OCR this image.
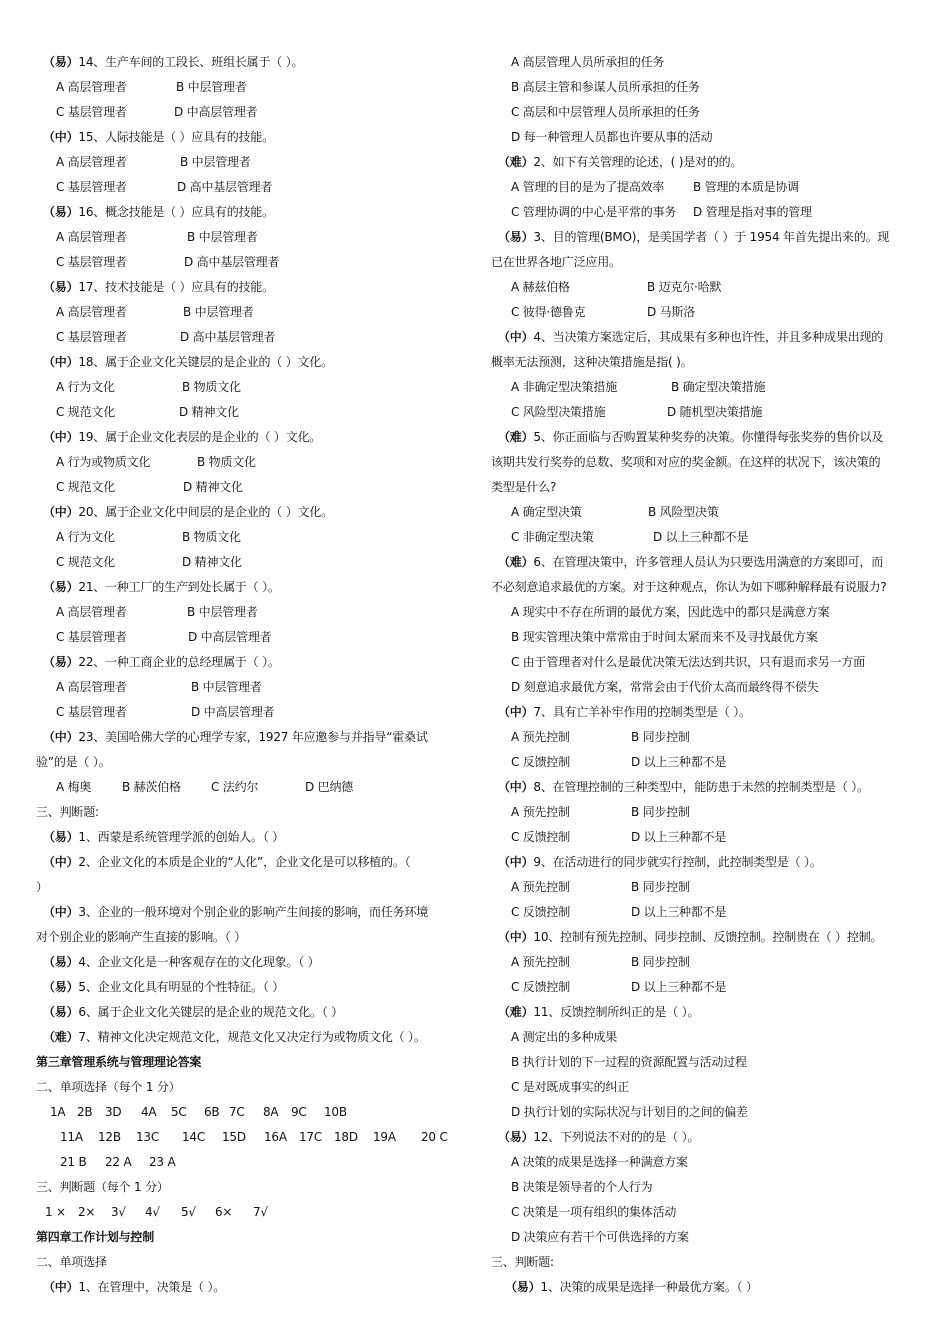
（易）14、生产车间的工段长、班组长属于（ ）。
A 高层管理者	B 中层管理者
C 基层管理者	D 中高层管理者
（中）15、人际技能是（ ）应具有的技能。
A 高层管理者	B 中层管理者
C 基层管理者	D 高中基层管理者
（易）16、概念技能是（ ）应具有的技能。
A 高层管理者	B 中层管理者
C 基层管理者	D 高中基层管理者
（易）17、技术技能是（ ）应具有的技能。
A 高层管理者	B 中层管理者
C 基层管理者	D 高中基层管理者
（中）18、属于企业文化关键层的是企业的（ ）文化。
A 行为文化	B 物质文化
C 规范文化	D 精神文化
（中）19、属于企业文化表层的是企业的（ ）文化。
A 行为或物质文化	B 物质文化
C 规范文化	D 精神文化
（中）20、属于企业文化中间层的是企业的（ ）文化。
A 行为文化	B 物质文化
C 规范文化	D 精神文化
（易）21、一种工厂的生产到处长属于（ ）。
A 高层管理者	B 中层管理者
C 基层管理者	D 中高层管理者
（易）22、一种工商企业的总经理属于（ ）。
A 高层管理者	B 中层管理者
C 基层管理者	D 中高层管理者
（中）23、美国哈佛大学的心理学专家，1927 年应邀参与并指导“霍桑试
验”的是（ ）。
A 梅奥	B 赫茨伯格	C 法约尔	D 巴纳德
三、判断题:
（易）1、西蒙是系统管理学派的创始人。（ ）
（中）2、企业文化的本质是企业的“人化”，企业文化是可以移植的。（
）
（中）3、企业的一般环境对个别企业的影响产生间接的影响，而任务环境
对个别企业的影响产生直接的影响。（ ）
（易）4、企业文化是一种客观存在的文化现象。（ ）
（易）5、企业文化具有明显的个性特征。（ ）
（易）6、属于企业文化关键层的是企业的规范文化。（ ）
（难）7、精神文化决定规范文化，规范文化又决定行为或物质文化（ ）。
第三章管理系统与管理理论答案
二、单项选择（每个 1 分）
1A 2B 3D 4A 5C 6B 7C 8A 9C 10B
11A 12B 13C 14C 15D 16A 17C 18D 19A 20 C
21 B 22 A 23 A
三、判断题（每个 1 分）
1 × 2× 3√ 4√ 5√ 6× 7√
第四章工作计划与控制
二、单项选择
（中）1、在管理中，决策是（ ）。
A 高层管理人员所承担的任务
B 高层主管和参谋人员所承担的任务
C 高层和中层管理人员所承担的任务
D 每一种管理人员都也许要从事的活动
（难）2、如下有关管理的论述，( )是对的的。
A 管理的目的是为了提高效率 B 管理的本质是协调
C 管理协调的中心是平常的事务 D 管理是指对事的管理
（易）3、目的管理(BMO)，是美国学者（ ）于 1954 年首先提出来的。现
已在世界各地广泛应用。
A 赫兹伯格	B 迈克尔·哈默
C 彼得·德鲁克	D 马斯洛
（中）4、当决策方案选定后，其成果有多种也许性，并且多种成果出现的
概率无法预测，这种决策措施是指( )。
A 非确定型决策措施	B 确定型决策措施
C 风险型决策措施	D 随机型决策措施
（难）5、你正面临与否购置某种奖券的决策。你懂得每张奖券的售价以及
该期共发行奖券的总数、奖项和对应的奖金额。在这样的状况下，该决策的
类型是什么?
A 确定型决策	B 风险型决策
C 非确定型决策	D 以上三种都不是
（难）6、在管理决策中，许多管理人员认为只要选用满意的方案即可，而
不必刻意追求最优的方案。对于这种观点，你认为如下哪种解释最有说服力?
A 现实中不存在所谓的最优方案，因此选中的都只是满意方案
B 现实管理决策中常常由于时间太紧而来不及寻找最优方案
C 由于管理者对什么是最优决策无法达到共识，只有退而求另一方面
D 刻意追求最优方案，常常会由于代价太高而最终得不偿失
（中）7、具有亡羊补牢作用的控制类型是（ ）。
A 预先控制	B 同步控制
C 反馈控制	D 以上三种都不是
（中）8、在管理控制的三种类型中，能防患于未然的控制类型是（ ）。
A 预先控制	B 同步控制
C 反馈控制	D 以上三种都不是
（中）9、在活动进行的同步就实行控制，此控制类型是（ ）。
A 预先控制	B 同步控制
C 反馈控制	D 以上三种都不是
（中）10、控制有预先控制、同步控制、反馈控制。控制贵在（ ）控制。
A 预先控制	B 同步控制
C 反馈控制	D 以上三种都不是
（难）11、反馈控制所纠正的是（ ）。
A 测定出的多种成果
B 执行计划的下一过程的资源配置与活动过程
C 是对既成事实的纠正
D 执行计划的实际状况与计划目的之间的偏差
（易）12、下列说法不对的的是（ ）。
A 决策的成果是选择一种满意方案
B 决策是领导者的个人行为
C 决策是一项有组织的集体活动
D 决策应有若干个可供选择的方案
三、判断题:
（易）1、决策的成果是选择一种最优方案。（ ）
